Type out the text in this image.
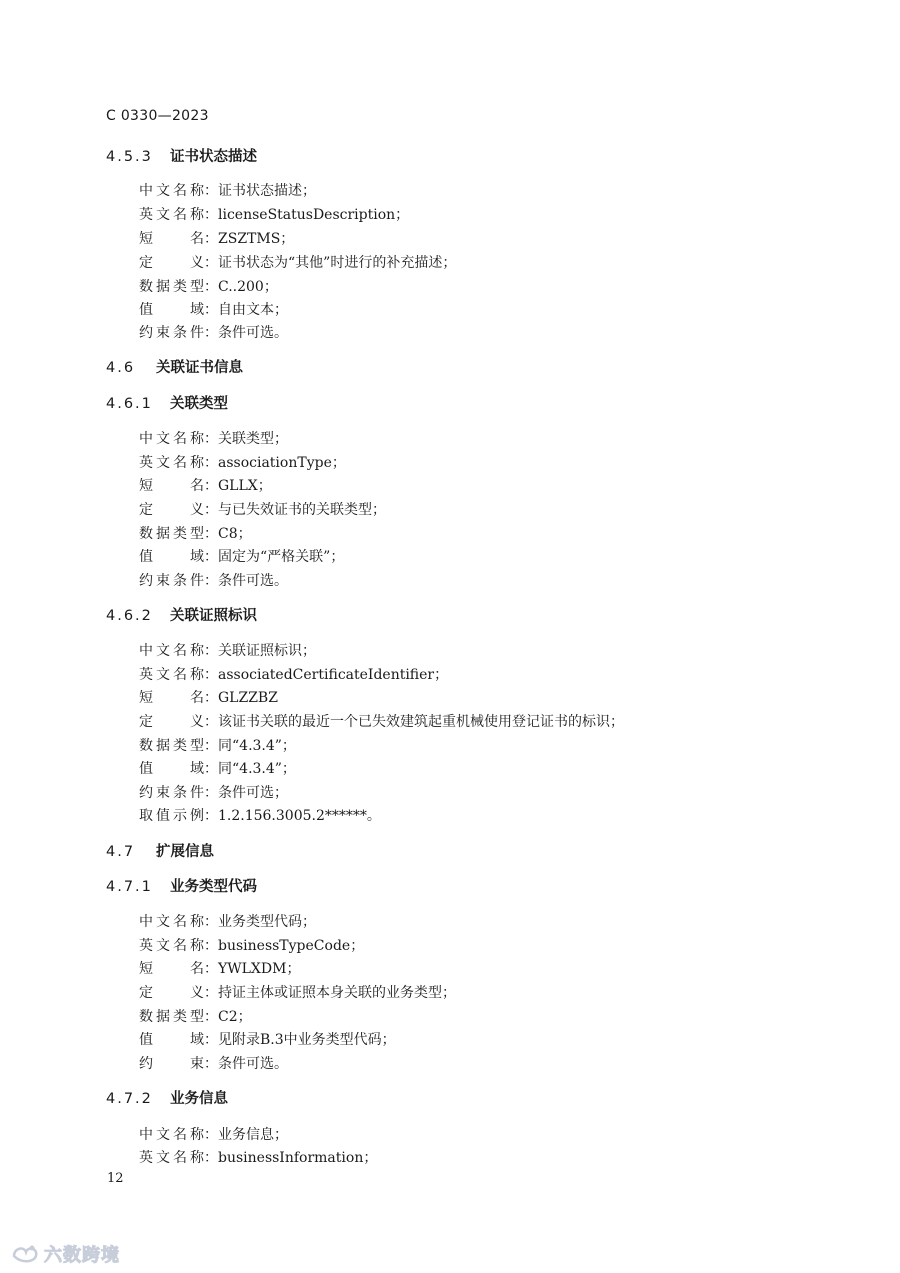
C 0330—2023
4.5.3 证书状态描述
中文名称：证书状态描述；
英文名称：licenseStatusDescription；
短　　名：ZSZTMS；
定　　义：证书状态为“其他”时进行的补充描述；
数据类型：C..200；
值　　域：自由文本；
约束条件：条件可选。
4.6 关联证书信息
4.6.1 关联类型
中文名称：关联类型；
英文名称：associationType；
短　　名：GLLX；
定　　义：与已失效证书的关联类型；
数据类型：C8；
值　　域：固定为“严格关联”；
约束条件：条件可选。
4.6.2 关联证照标识
中文名称：关联证照标识；
英文名称：associatedCertificateIdentifier；
短　　名：GLZZBZ
定　　义：该证书关联的最近一个已失效建筑起重机械使用登记证书的标识；
数据类型：同“4.3.4”；
值　　域：同“4.3.4”；
约束条件：条件可选；
取值示例：1.2.156.3005.2******。
4.7 扩展信息
4.7.1 业务类型代码
中文名称：业务类型代码；
英文名称：businessTypeCode；
短　　名：YWLXDM；
定　　义：持证主体或证照本身关联的业务类型；
数据类型：C2；
值　　域：见附录B.3中业务类型代码；
约　　束：条件可选。
4.7.2 业务信息
中文名称：业务信息；
英文名称：businessInformation；
12
六数跨境
